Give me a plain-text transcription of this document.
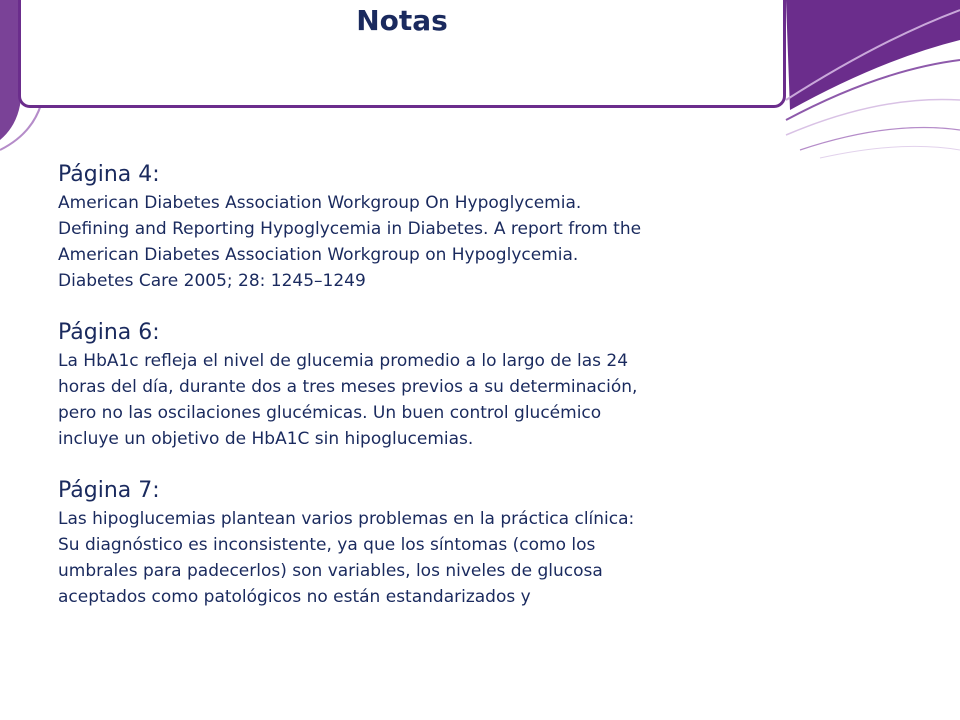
Notas
Página 4:
American Diabetes Association Workgroup On Hypoglycemia.
Defining and Reporting Hypoglycemia in Diabetes. A report from the
American Diabetes Association Workgroup on Hypoglycemia.
Diabetes Care 2005; 28: 1245–1249
Página 6:
La HbA1c refleja el nivel de glucemia promedio a lo largo de las 24
horas del día, durante dos a tres meses previos a su determinación,
pero no las oscilaciones glucémicas. Un buen control glucémico
incluye un objetivo de HbA1C sin hipoglucemias.
Página 7:
Las hipoglucemias plantean varios problemas en la práctica clínica:
Su diagnóstico es inconsistente, ya que los síntomas (como los
umbrales para padecerlos) son variables, los niveles de glucosa
aceptados como patológicos no están estandarizados y
